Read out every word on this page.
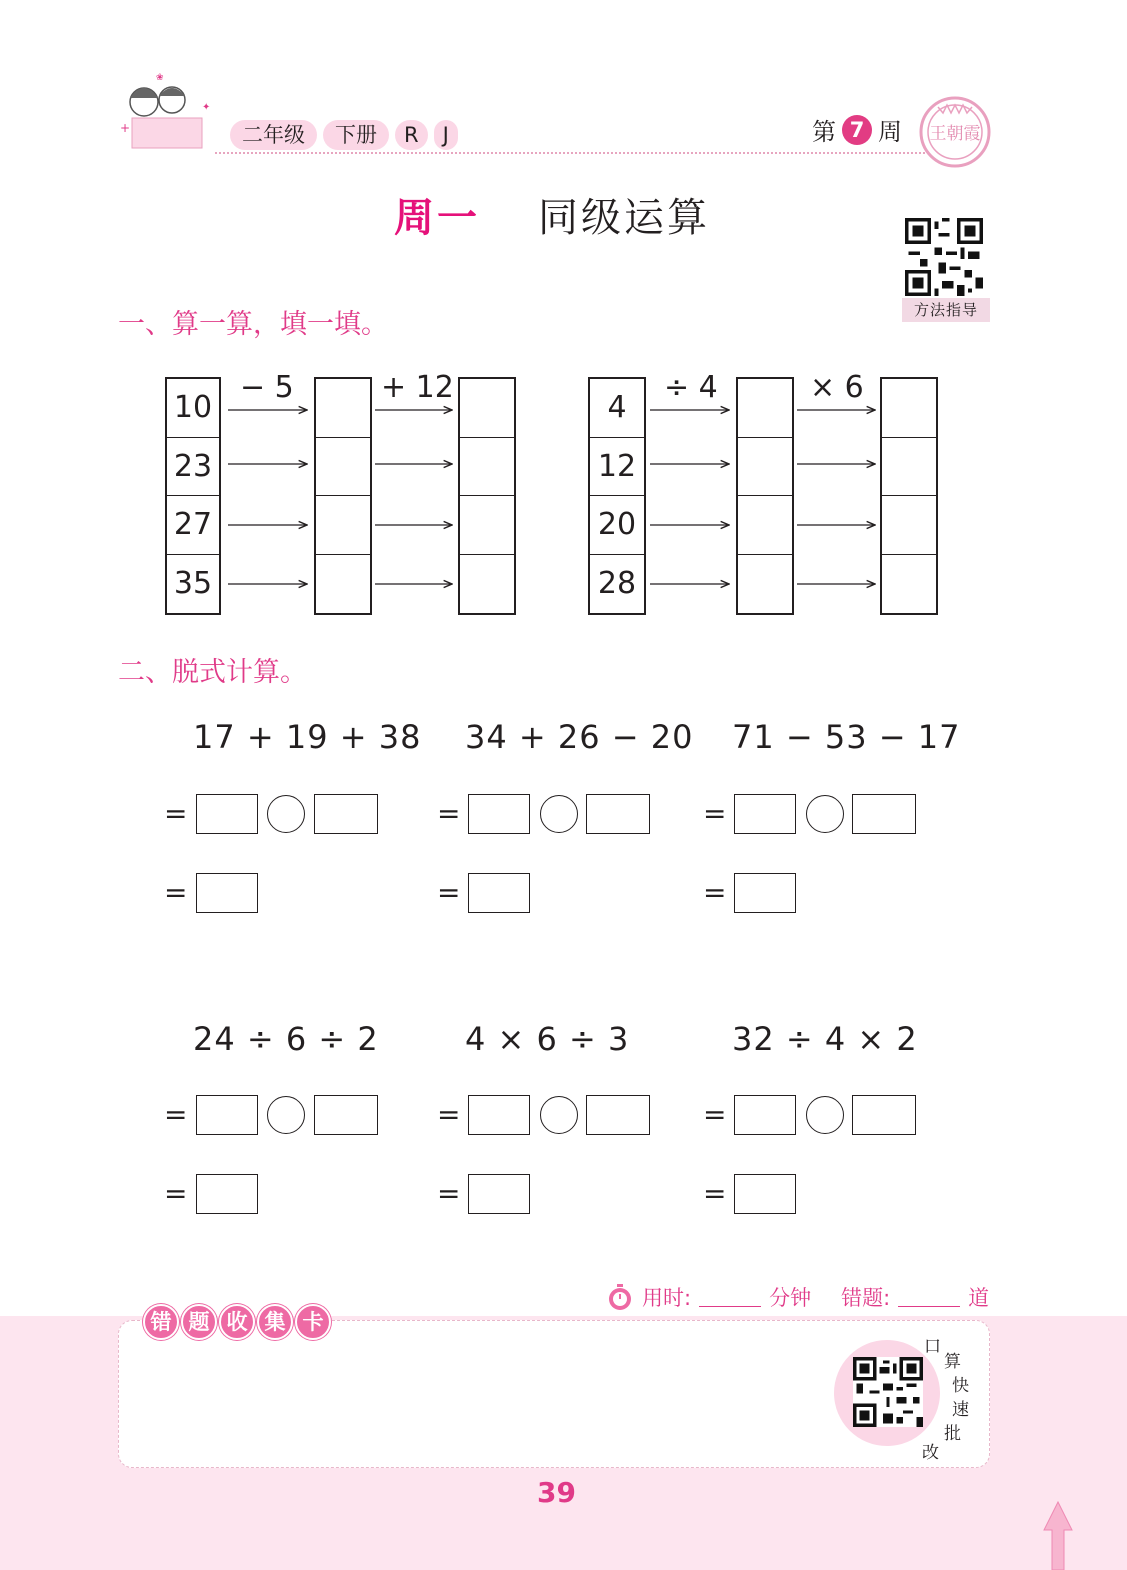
+
✦
❀
二年级	下册	R	J	第 7 周 王朝霞
周一 同级运算
方法指导
一、算一算，填一填。
10
23
27
35
− 5	+ 12
4
12
20
28
÷ 4	× 6
二、脱式计算。
17 + 19 + 38 34 + 26 − 20 71 − 53 − 17
=
=
=
=
=
=
24 ÷ 6 ÷ 2	4 × 6 ÷ 3	32 ÷ 4 × 2
=
=
=
=
=
=
用时:	分钟 错题:	道
错 题 收 集 卡
口
算
快
速
批
改
39
